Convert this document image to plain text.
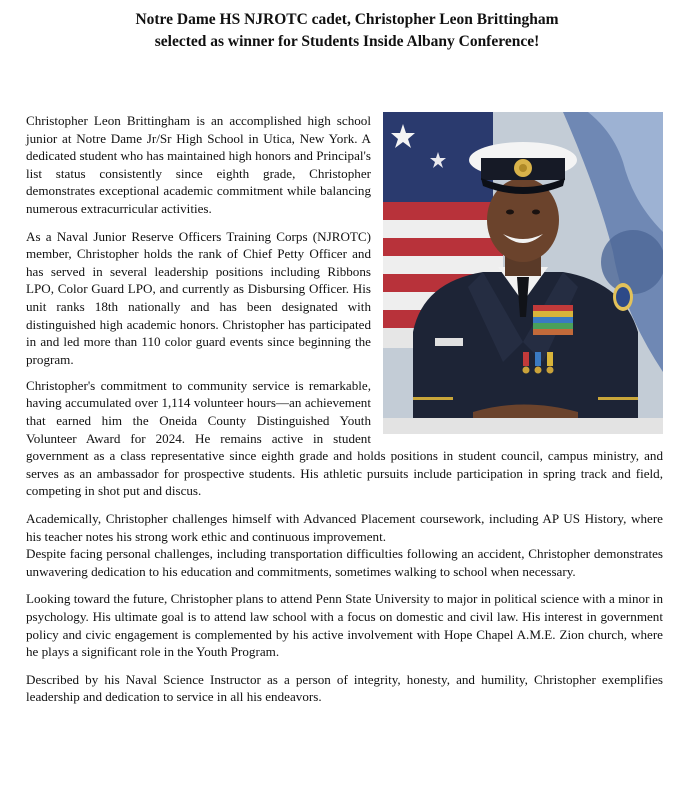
Notre Dame HS NJROTC cadet, Christopher Leon Brittingham
selected as winner for Students Inside Albany Conference!

Christopher Leon Brittingham is an accomplished high school junior at Notre Dame Jr/Sr High School in Utica, New York. A dedicated student who has maintained high honors and Principal's list status consistently since eighth grade, Christopher demonstrates exceptional academic commitment while balancing numerous extracurricular activities.

As a Naval Junior Reserve Officers Training Corps (NJROTC) member, Christopher holds the rank of Chief Petty Officer and has served in several leadership positions including Ribbons LPO, Color Guard LPO, and currently as Disbursing Officer. His unit ranks 18th nationally and has been designated with distinguished high academic honors. Christopher has participated in and led more than 110 color guard events since beginning the program.

Christopher's commitment to community service is remarkable, having accumulated over 1,114 volunteer hours—an achievement that earned him the Oneida County Distinguished Youth Volunteer Award for 2024. He remains active in student government as a class representative since eighth grade and holds positions in student council, campus ministry, and serves as an ambassador for prospective students. His athletic pursuits include participation in spring track and field, competing in shot put and discus.

Academically, Christopher challenges himself with Advanced Placement coursework, including AP US History, where his teacher notes his strong work ethic and continuous improvement.

Despite facing personal challenges, including transportation difficulties following an accident, Christopher demonstrates unwavering dedication to his education and commitments, sometimes walking to school when necessary.

Looking toward the future, Christopher plans to attend Penn State University to major in political science with a minor in psychology. His ultimate goal is to attend law school with a focus on domestic and civil law. His interest in government policy and civic engagement is complemented by his active involvement with Hope Chapel A.M.E. Zion church, where he plays a significant role in the Youth Program.

Described by his Naval Science Instructor as a person of integrity, honesty, and humility, Christopher exemplifies leadership and dedication to service in all his endeavors.
